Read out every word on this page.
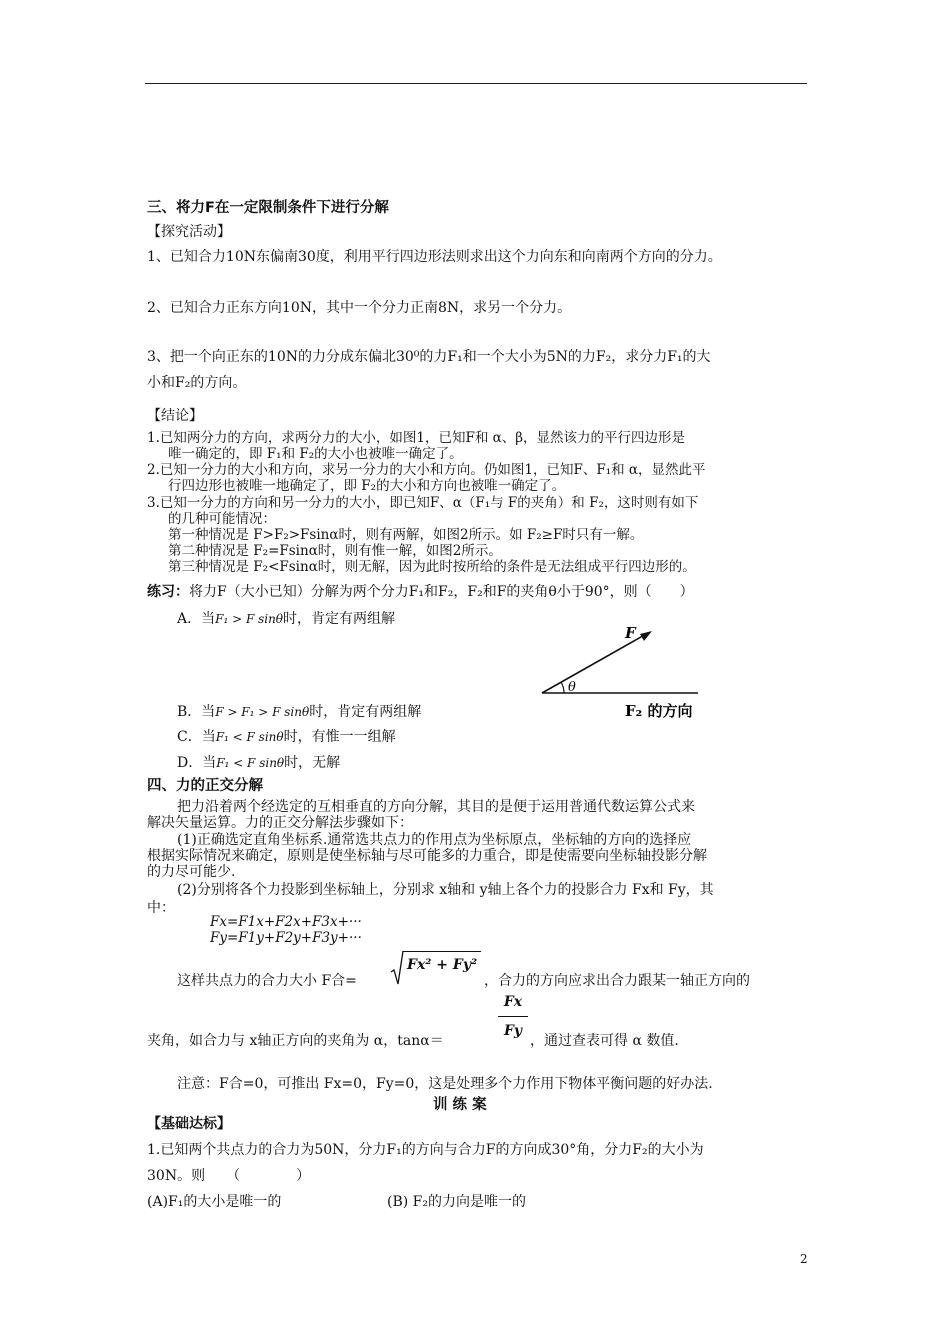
三、将力F在一定限制条件下进行分解
【探究活动】
1、已知合力10N东偏南30度，利用平行四边形法则求出这个力向东和向南两个方向的分力。
2、已知合力正东方向10N，其中一个分力正南8N，求另一个分力。
3、把一个向正东的10N的力分成东偏北30⁰的力F₁和一个大小为5N的力F₂，求分力F₁的大
小和F₂的方向。
【结论】
1.已知两分力的方向，求两分力的大小，如图1，已知F和 α、β，显然该力的平行四边形是
唯一确定的，即 F₁和 F₂的大小也被唯一确定了。
2.已知一分力的大小和方向，求另一分力的大小和方向。仍如图1，已知F、F₁和 α，显然此平
行四边形也被唯一地确定了，即 F₂的大小和方向也被唯一确定了。
3.已知一分力的方向和另一分力的大小，即已知F、α（F₁与 F的夹角）和 F₂，这时则有如下
的几种可能情况：
第一种情况是 F>F₂>Fsinα时，则有两解，如图2所示。如 F₂≥F时只有一解。
第二种情况是 F₂=Fsinα时，则有惟一解，如图2所示。
第三种情况是 F₂<Fsinα时，则无解，因为此时按所给的条件是无法组成平行四边形的。
练习：将力F（大小已知）分解为两个分力F₁和F₂，F₂和F的夹角θ小于90°，则（　　）
A．当F₁ > F sinθ时，肯定有两组解
B．当F > F₁ > F sinθ时，肯定有两组解
C．当F₁ < F sinθ时，有惟一一组解
D．当F₁ < F sinθ时，无解
F
θ
F₂ 的方向
四、力的正交分解
把力沿着两个经选定的互相垂直的方向分解，其目的是便于运用普通代数运算公式来
解决矢量运算。力的正交分解法步骤如下：
(1)正确选定直角坐标系.通常选共点力的作用点为坐标原点，坐标轴的方向的选择应
根据实际情况来确定，原则是使坐标轴与尽可能多的力重合，即是使需要向坐标轴投影分解
的力尽可能少.
(2)分别将各个力投影到坐标轴上，分别求 x轴和 y轴上各个力的投影合力 Fx和 Fy，其
中：
Fx=F1x+F2x+F3x+···
Fy=F1y+F2y+F3y+···
这样共点力的合力大小 F合=
Fx² + Fy²
，合力的方向应求出合力跟某一轴正方向的
夹角，如合力与 x轴正方向的夹角为 α，tanα＝
Fx
Fy
，通过查表可得 α 数值.
注意：F合=0，可推出 Fx=0，Fy=0，这是处理多个力作用下物体平衡问题的好办法.
训 练 案
【基础达标】
1.已知两个共点力的合力为50N，分力F₁的方向与合力F的方向成30°角，分力F₂的大小为
30N。则　　（　　　　）
(A)F₁的大小是唯一的	(B) F₂的力向是唯一的
2
